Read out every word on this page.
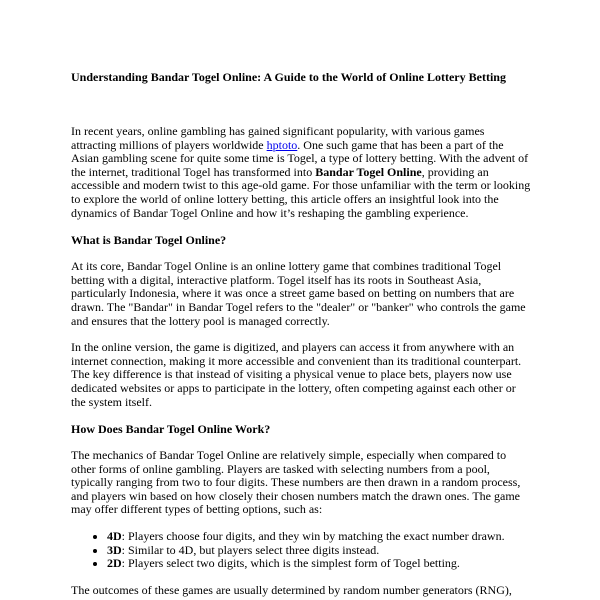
Understanding Bandar Togel Online: A Guide to the World of Online Lottery Betting

In recent years, online gambling has gained significant popularity, with various games attracting millions of players worldwide hptoto. One such game that has been a part of the Asian gambling scene for quite some time is Togel, a type of lottery betting. With the advent of the internet, traditional Togel has transformed into Bandar Togel Online, providing an accessible and modern twist to this age-old game. For those unfamiliar with the term or looking to explore the world of online lottery betting, this article offers an insightful look into the dynamics of Bandar Togel Online and how it’s reshaping the gambling experience.

What is Bandar Togel Online?

At its core, Bandar Togel Online is an online lottery game that combines traditional Togel betting with a digital, interactive platform. Togel itself has its roots in Southeast Asia, particularly Indonesia, where it was once a street game based on betting on numbers that are drawn. The "Bandar" in Bandar Togel refers to the "dealer" or "banker" who controls the game and ensures that the lottery pool is managed correctly.

In the online version, the game is digitized, and players can access it from anywhere with an internet connection, making it more accessible and convenient than its traditional counterpart. The key difference is that instead of visiting a physical venue to place bets, players now use dedicated websites or apps to participate in the lottery, often competing against each other or the system itself.

How Does Bandar Togel Online Work?

The mechanics of Bandar Togel Online are relatively simple, especially when compared to other forms of online gambling. Players are tasked with selecting numbers from a pool, typically ranging from two to four digits. These numbers are then drawn in a random process, and players win based on how closely their chosen numbers match the drawn ones. The game may offer different types of betting options, such as:

• 4D: Players choose four digits, and they win by matching the exact number drawn.
• 3D: Similar to 4D, but players select three digits instead.
• 2D: Players select two digits, which is the simplest form of Togel betting.

The outcomes of these games are usually determined by random number generators (RNG),
